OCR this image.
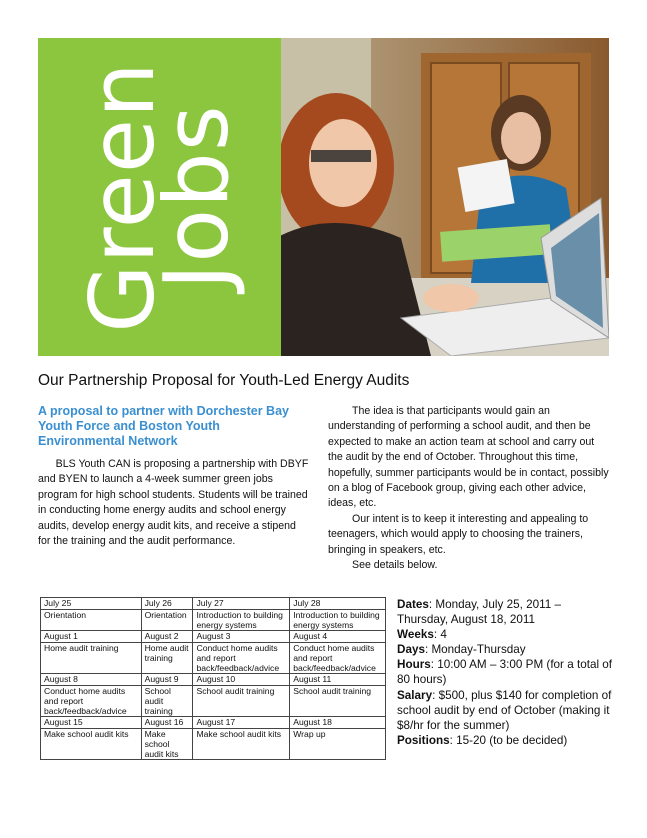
Green
Jobs
Our Partnership Proposal for Youth-Led Energy Audits
A proposal to partner with Dorchester Bay Youth Force and Boston Youth Environmental Network

BLS Youth CAN is proposing a partnership with DBYF and BYEN to launch a 4-week summer green jobs program for high school students. Students will be trained in conducting home energy audits and school energy audits, develop energy audit kits, and receive a stipend for the training and the audit performance.

The idea is that participants would gain an understanding of performing a school audit, and then be expected to make an action team at school and carry out the audit by the end of October. Throughout this time, hopefully, summer participants would be in contact, possibly on a blog of Facebook group, giving each other advice, ideas, etc.

Our intent is to keep it interesting and appealing to teenagers, which would apply to choosing the trainers, bringing in speakers, etc.

See details below.

July 25	July 26	July 27	July 28
Orientation	Orientation	Introduction to building energy systems	Introduction to building energy systems
August 1	August 2	August 3	August 4
Home audit training	Home audit training	Conduct home audits and report back/feedback/advice	Conduct home audits and report back/feedback/advice
August 8	August 9	August 10	August 11
Conduct home audits and report back/feedback/advice	School audit training	School audit training	School audit training
August 15	August 16	August 17	August 18
Make school audit kits	Make school audit kits	Make school audit kits	Wrap up

Dates: Monday, July 25, 2011 – Thursday, August 18, 2011

Weeks: 4

Days: Monday-Thursday

Hours: 10:00 AM – 3:00 PM (for a total of 80 hours)

Salary: $500, plus $140 for completion of school audit by end of October (making it $8/hr for the summer)

Positions: 15-20 (to be decided)
